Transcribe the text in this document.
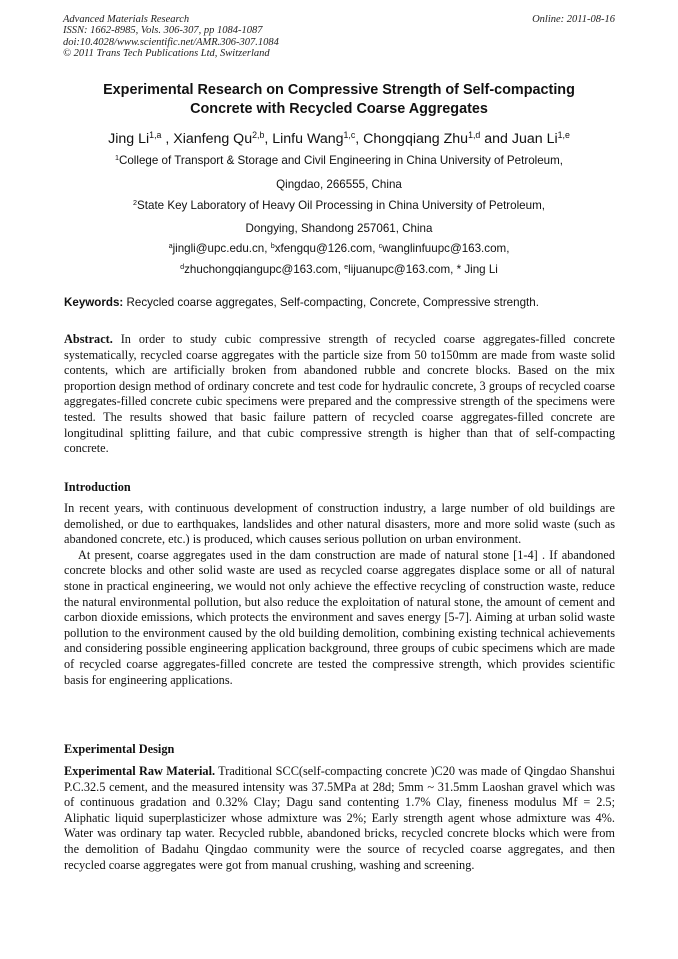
Advanced Materials Research
ISSN: 1662-8985, Vols. 306-307, pp 1084-1087
doi:10.4028/www.scientific.net/AMR.306-307.1084
© 2011 Trans Tech Publications Ltd, Switzerland
Online: 2011-08-16
Experimental Research on Compressive Strength of Self-compacting
Concrete with Recycled Coarse Aggregates
Jing Li$^{1,a}$ , Xianfeng Qu$^{2,b}$, Linfu Wang$^{1,c}$, Chongqiang Zhu$^{1,d}$ and Juan Li$^{1,e}$
$^1$College of Transport & Storage and Civil Engineering in China University of Petroleum,
Qingdao, 266555, China
$^2$State Key Laboratory of Heavy Oil Processing in China University of Petroleum,
Dongying, Shandong 257061, China
$^a$jingli@upc.edu.cn, $^b$xfengqu@126.com, $^c$wanglinfuupc@163.com,
$^d$zhuchongqiangupc@163.com, $^e$lijuanupc@163.com, * Jing Li
Keywords: Recycled coarse aggregates, Self-compacting, Concrete, Compressive strength.

Abstract. In order to study cubic compressive strength of recycled coarse aggregates-filled concrete systematically, recycled coarse aggregates with the particle size from 50 to150mm are made from waste solid contents, which are artificially broken from abandoned rubble and concrete blocks. Based on the mix proportion design method of ordinary concrete and test code for hydraulic concrete, 3 groups of recycled coarse aggregates-filled concrete cubic specimens were prepared and the compressive strength of the specimens were tested. The results showed that basic failure pattern of recycled coarse aggregates-filled concrete are longitudinal splitting failure, and that cubic compressive strength is higher than that of self-compacting concrete.

Introduction

In recent years, with continuous development of construction industry, a large number of old buildings are demolished, or due to earthquakes, landslides and other natural disasters, more and more solid waste (such as abandoned concrete, etc.) is produced, which causes serious pollution on urban environment.

At present, coarse aggregates used in the dam construction are made of natural stone [1-4] . If abandoned concrete blocks and other solid waste are used as recycled coarse aggregates displace some or all of natural stone in practical engineering, we would not only achieve the effective recycling of construction waste, reduce the natural environmental pollution, but also reduce the exploitation of natural stone, the amount of cement and carbon dioxide emissions, which protects the environment and saves energy [5-7]. Aiming at urban solid waste pollution to the environment caused by the old building demolition, combining existing technical achievements and considering possible engineering application background, three groups of cubic specimens which are made of recycled coarse aggregates-filled concrete are tested the compressive strength, which provides scientific basis for engineering applications.

Experimental Design

Experimental Raw Material. Traditional SCC(self-compacting concrete )C20 was made of Qingdao Shanshui P.C.32.5 cement, and the measured intensity was 37.5MPa at 28d; 5mm ~ 31.5mm Laoshan gravel which was of continuous gradation and 0.32% Clay; Dagu sand contenting 1.7% Clay, fineness modulus Mf = 2.5; Aliphatic liquid superplasticizer whose admixture was 2%; Early strength agent whose admixture was 4%. Water was ordinary tap water. Recycled rubble, abandoned bricks, recycled concrete blocks which were from the demolition of Badahu Qingdao community were the source of recycled coarse aggregates, and then recycled coarse aggregates were got from manual crushing, washing and screening.
